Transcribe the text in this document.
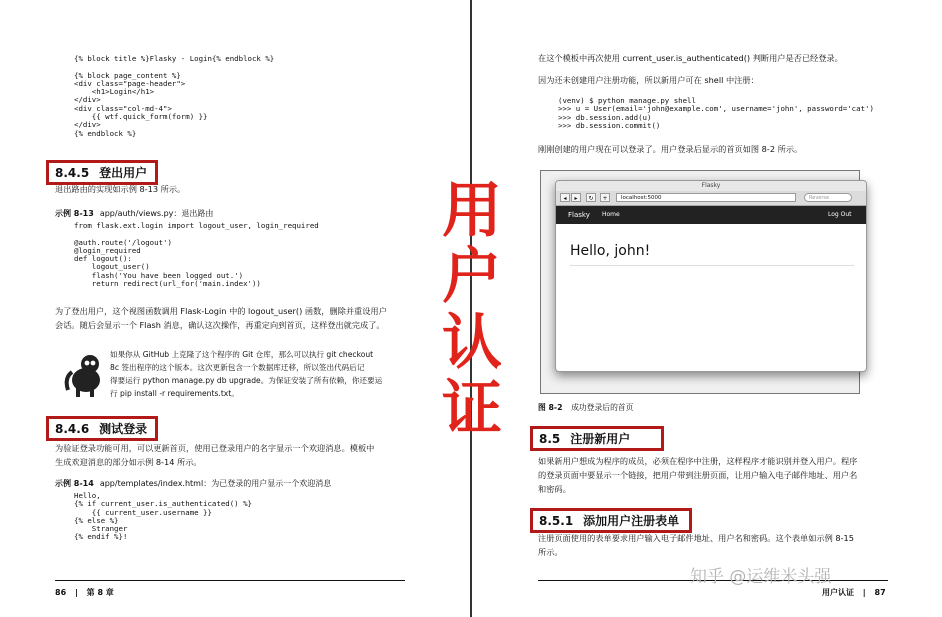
{% block title %}Flasky - Login{% endblock %}

{% block page_content %}
<div class="page-header">
<h1>Login</h1>
</div>
<div class="col-md-4">
{{ wtf.quick_form(form) }}
</div>
{% endblock %}
8.4.5 登出用户
退出路由的实现如示例 8-13 所示。
示例 8-13 app/auth/views.py：退出路由
from flask.ext.login import logout_user, login_required

@auth.route('/logout')
@login_required
def logout():
logout_user()
flash('You have been logged out.')
return redirect(url_for('main.index'))
为了登出用户，这个视图函数调用 Flask-Login 中的 logout_user() 函数，删除并重设用户
会话。随后会显示一个 Flash 消息，确认这次操作，再重定向到首页，这样登出就完成了。
如果你从 GitHub 上克隆了这个程序的 Git 仓库，那么可以执行 git checkout
8c 签出程序的这个版本。这次更新包含一个数据库迁移，所以签出代码后记
得要运行 python manage.py db upgrade。为保证安装了所有依赖，你还要运
行 pip install -r requirements.txt。
8.4.6 测试登录
为验证登录功能可用，可以更新首页，使用已登录用户的名字显示一个欢迎消息。模板中
生成欢迎消息的部分如示例 8-14 所示。
示例 8-14 app/templates/index.html：为已登录的用户显示一个欢迎消息
Hello,
{% if current_user.is_authenticated() %}
{{ current_user.username }}
{% else %}
Stranger
{% endif %}!
86 | 第 8 章
在这个模板中再次使用 current_user.is_authenticated() 判断用户是否已经登录。
因为还未创建用户注册功能，所以新用户可在 shell 中注册：
(venv) $ python manage.py shell
>>> u = User(email='john@example.com', username='john', password='cat')
>>> db.session.add(u)
>>> db.session.commit()
刚刚创建的用户现在可以登录了。用户登录后显示的首页如图 8-2 所示。
图 8-2 成功登录后的首页
8.5 注册新用户
如果新用户想成为程序的成员，必须在程序中注册，这样程序才能识别并登入用户。程序
的登录页面中要显示一个链接，把用户带到注册页面，让用户输入电子邮件地址、用户名
和密码。
8.5.1 添加用户注册表单
注册页面使用的表单要求用户输入电子邮件地址、用户名和密码。这个表单如示例 8-15
所示。
用户认证 | 87
Flasky
◂	▸	↻	+	localhost:5000	Reverse
Flasky Home	Log Out
Hello, john!
用
户
认
证
知乎 @运维米头强
